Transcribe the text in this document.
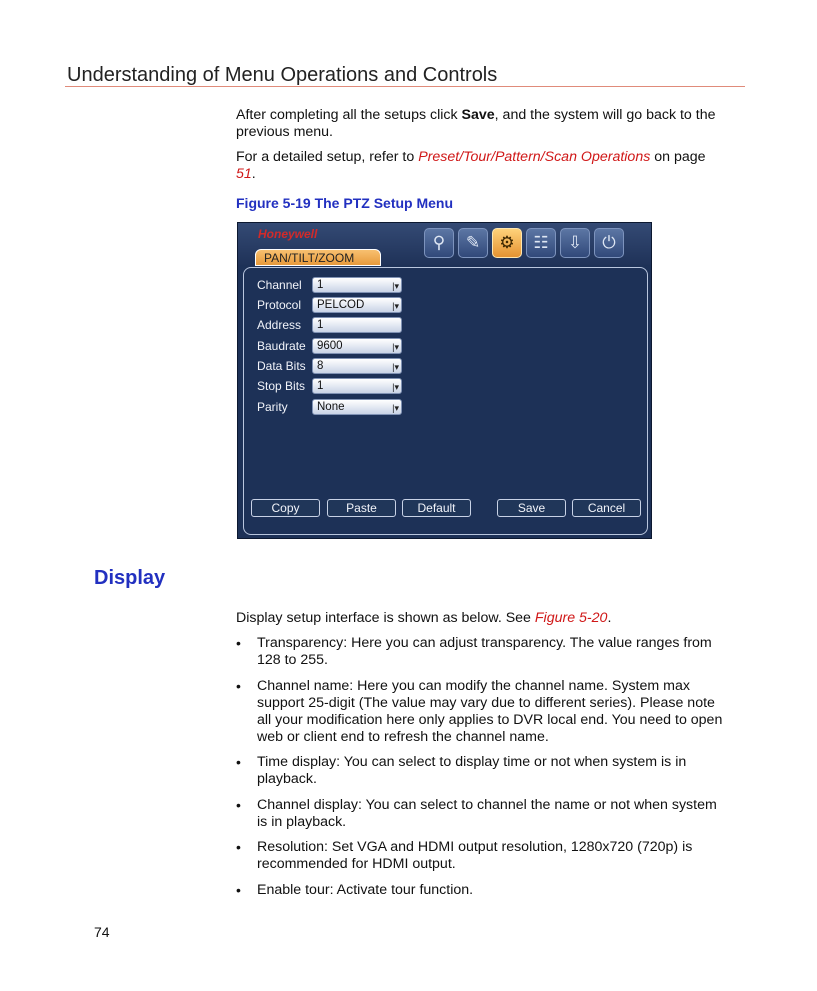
Understanding of Menu Operations and Controls

After completing all the setups click Save, and the system will go back to the previous menu.

For a detailed setup, refer to Preset/Tour/Pattern/Scan Operations on page 51.

Figure 5-19 The PTZ Setup Menu
Honeywell	⚲	✎	⚙	☷	⇩	⏻
PAN/TILT/ZOOM
Channel	1	|▾
Protocol	PELCOD	|▾
Address	1
Baudrate 9600	|▾
Data Bits 8	|▾
Stop Bits	1	|▾
Parity	None	|▾
Copy	Paste	Default	Save	Cancel
Display

Display setup interface is shown as below. See Figure 5-20.

• Transparency: Here you can adjust transparency. The value ranges from 128 to 255.
• Channel name: Here you can modify the channel name. System max support 25-digit (The value may vary due to different series). Please note all your modification here only applies to DVR local end. You need to open web or client end to refresh the channel name.
• Time display: You can select to display time or not when system is in playback.
• Channel display: You can select to channel the name or not when system is in playback.
• Resolution: Set VGA and HDMI output resolution, 1280x720 (720p) is recommended for HDMI output.
• Enable tour: Activate tour function.
74
